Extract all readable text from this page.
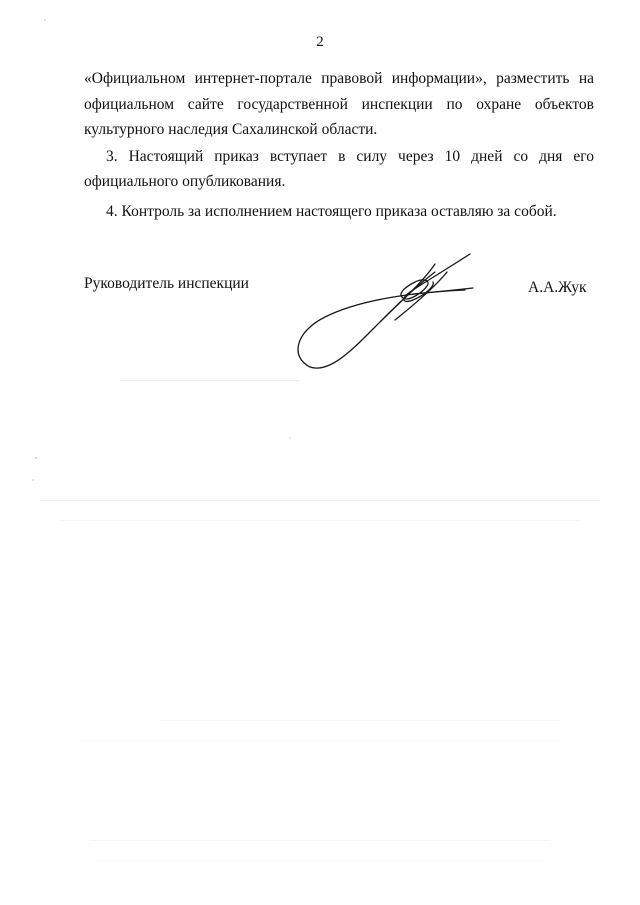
2
«Официальном интернет-портале правовой информации», разместить на
официальном сайте государственной инспекции по охране объектов
культурного наследия Сахалинской области.
3. Настоящий приказ вступает в силу через 10 дней со дня его
официального опубликования.
4. Контроль за исполнением настоящего приказа оставляю за собой.
Руководитель инспекции	А.А.Жук
